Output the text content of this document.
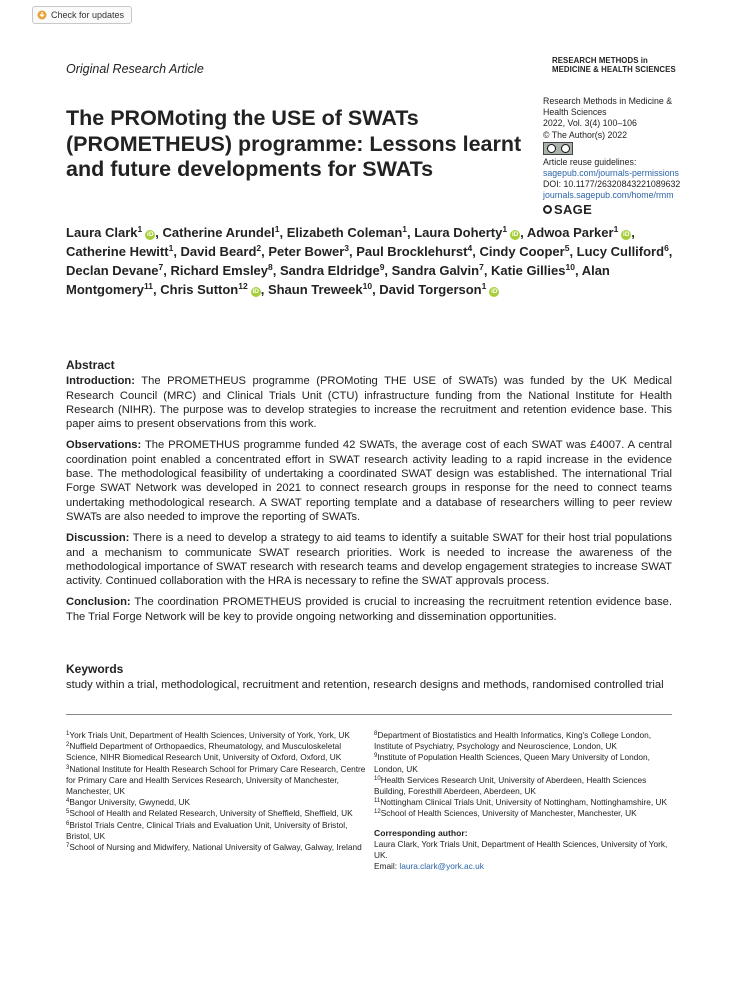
Check for updates
Original Research Article
RESEARCH METHODS in
MEDICINE & HEALTH SCIENCES
The PROMoting the USE of SWATs (PROMETHEUS) programme: Lessons learnt and future developments for SWATs
Research Methods in Medicine &
Health Sciences
2022, Vol. 3(4) 100–106
© The Author(s) 2022
Article reuse guidelines:
sagepub.com/journals-permissions
DOI: 10.1177/26320843221089632
journals.sagepub.com/home/rmm
SAGE

Laura Clark$^1$iD , Catherine Arundel$^1$, Elizabeth Coleman$^1$, Laura Doherty$^1$iD , Adwoa Parker$^1$iD , Catherine Hewitt$^1$, David Beard$^2$, Peter Bower$^3$, Paul Brocklehurst$^4$, Cindy Cooper$^5$, Lucy Culliford$^6$, Declan Devane$^7$, Richard Emsley$^8$, Sandra Eldridge$^9$, Sandra Galvin$^7$, Katie Gillies$^{10}$, Alan Montgomery$^{11}$, Chris Sutton$^{12}$iD , Shaun Treweek$^{10}$, David Torgerson$^1$iD

Abstract

Introduction: The PROMETHEUS programme (PROMoting THE USE of SWATs) was funded by the UK Medical Research Council (MRC) and Clinical Trials Unit (CTU) infrastructure funding from the National Institute for Health Research (NIHR). The purpose was to develop strategies to increase the recruitment and retention evidence base. This paper aims to present observations from this work.

Observations: The PROMETHUS programme funded 42 SWATs, the average cost of each SWAT was £4007. A central coordination point enabled a concentrated effort in SWAT research activity leading to a rapid increase in the evidence base. The methodological feasibility of undertaking a coordinated SWAT design was established. The international Trial Forge SWAT Network was developed in 2021 to connect research groups in response for the need to connect teams undertaking methodological research. A SWAT reporting template and a database of researchers willing to peer review SWATs are also needed to improve the reporting of SWATs.

Discussion: There is a need to develop a strategy to aid teams to identify a suitable SWAT for their host trial populations and a mechanism to communicate SWAT research priorities. Work is needed to increase the awareness of the methodological importance of SWAT research with research teams and develop engagement strategies to increase SWAT activity. Continued collaboration with the HRA is necessary to refine the SWAT approvals process.

Conclusion: The coordination PROMETHEUS provided is crucial to increasing the recruitment retention evidence base. The Trial Forge Network will be key to provide ongoing networking and dissemination opportunities.

Keywords
study within a trial, methodological, recruitment and retention, research designs and methods, randomised controlled trial

$^1$York Trials Unit, Department of Health Sciences, University of York, York, UK

$^2$Nuffield Department of Orthopaedics, Rheumatology, and Musculoskeletal Science, NIHR Biomedical Research Unit, University of Oxford, Oxford, UK

$^3$National Institute for Health Research School for Primary Care Research, Centre for Primary Care and Health Services Research, University of Manchester, Manchester, UK

$^4$Bangor University, Gwynedd, UK

$^5$School of Health and Related Research, University of Sheffield, Sheffield, UK

$^6$Bristol Trials Centre, Clinical Trials and Evaluation Unit, University of Bristol, Bristol, UK

$^7$School of Nursing and Midwifery, National University of Galway, Galway, Ireland

$^8$Department of Biostatistics and Health Informatics, King's College London, Institute of Psychiatry, Psychology and Neuroscience, London, UK

$^9$Institute of Population Health Sciences, Queen Mary University of London, London, UK

$^{10}$Health Services Research Unit, University of Aberdeen, Health Sciences Building, Foresthill Aberdeen, Aberdeen, UK

$^{11}$Nottingham Clinical Trials Unit, University of Nottingham, Nottinghamshire, UK

$^{12}$School of Health Sciences, University of Manchester, Manchester, UK

Corresponding author:

Laura Clark, York Trials Unit, Department of Health Sciences, University of York, UK.

Email: laura.clark@york.ac.uk
